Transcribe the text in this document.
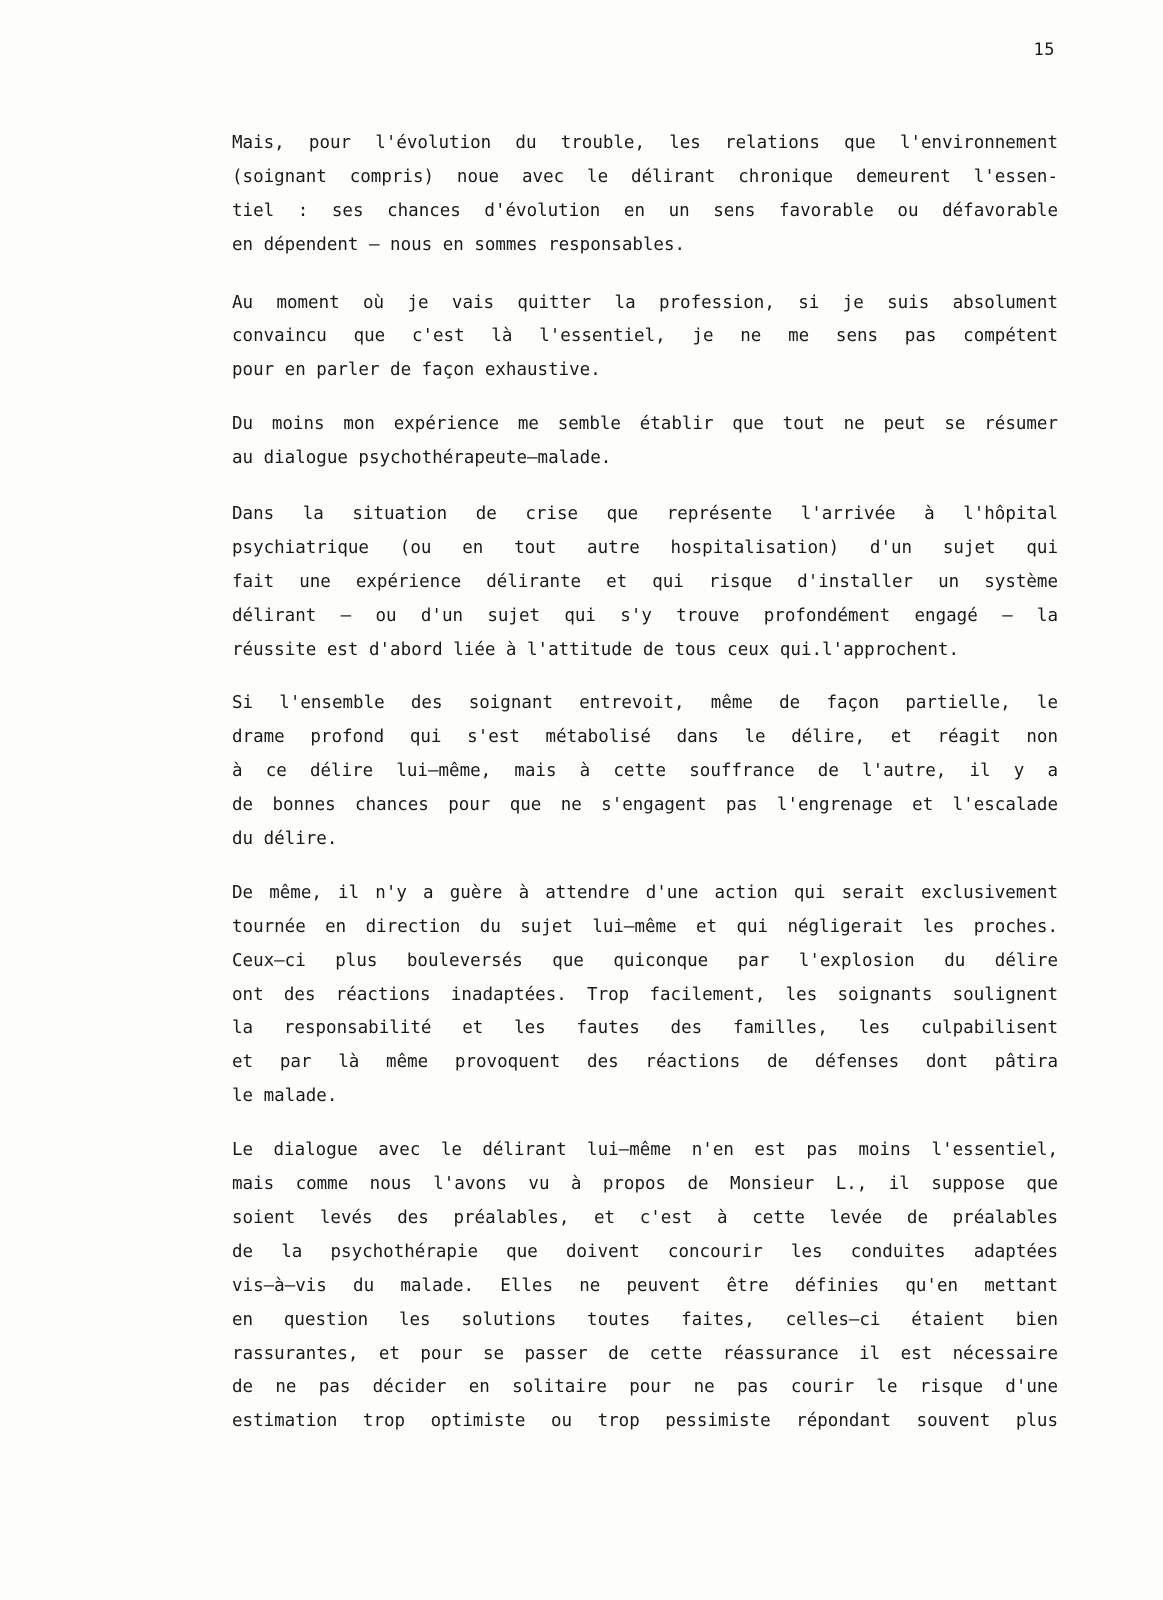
15
Mais, pour l'évolution du trouble, les relations que l'environnement
(soignant compris) noue avec le délirant chronique demeurent l'essen-
tiel : ses chances d'évolution en un sens favorable ou défavorable
en dépendent – nous en sommes responsables.
Au moment où je vais quitter la profession, si je suis absolument
convaincu que c'est là l'essentiel, je ne me sens pas compétent
pour en parler de façon exhaustive.
Du moins mon expérience me semble établir que tout ne peut se résumer
au dialogue psychothérapeute—malade.
Dans la situation de crise que représente l'arrivée à l'hôpital
psychiatrique (ou en tout autre hospitalisation) d'un sujet qui
fait une expérience délirante et qui risque d'installer un système
délirant – ou d'un sujet qui s'y trouve profondément engagé – la
réussite est d'abord liée à l'attitude de tous ceux qui.l'approchent.
Si l'ensemble des soignant entrevoit, même de façon partielle, le
drame profond qui s'est métabolisé dans le délire, et réagit non
à ce délire lui—même, mais à cette souffrance de l'autre, il y a
de bonnes chances pour que ne s'engagent pas l'engrenage et l'escalade
du délire.
De même, il n'y a guère à attendre d'une action qui serait exclusivement
tournée en direction du sujet lui—même et qui négligerait les proches.
Ceux—ci plus bouleversés que quiconque par l'explosion du délire
ont des réactions inadaptées. Trop facilement, les soignants soulignent
la responsabilité et les fautes des familles, les culpabilisent
et par là même provoquent des réactions de défenses dont pâtira
le malade.
Le dialogue avec le délirant lui—même n'en est pas moins l'essentiel,
mais comme nous l'avons vu à propos de Monsieur L., il suppose que
soient levés des préalables, et c'est à cette levée de préalables
de la psychothérapie que doivent concourir les conduites adaptées
vis—à—vis du malade. Elles ne peuvent être définies qu'en mettant
en question les solutions toutes faites, celles—ci étaient bien
rassurantes, et pour se passer de cette réassurance il est nécessaire
de ne pas décider en solitaire pour ne pas courir le risque d'une
estimation trop optimiste ou trop pessimiste répondant souvent plus
